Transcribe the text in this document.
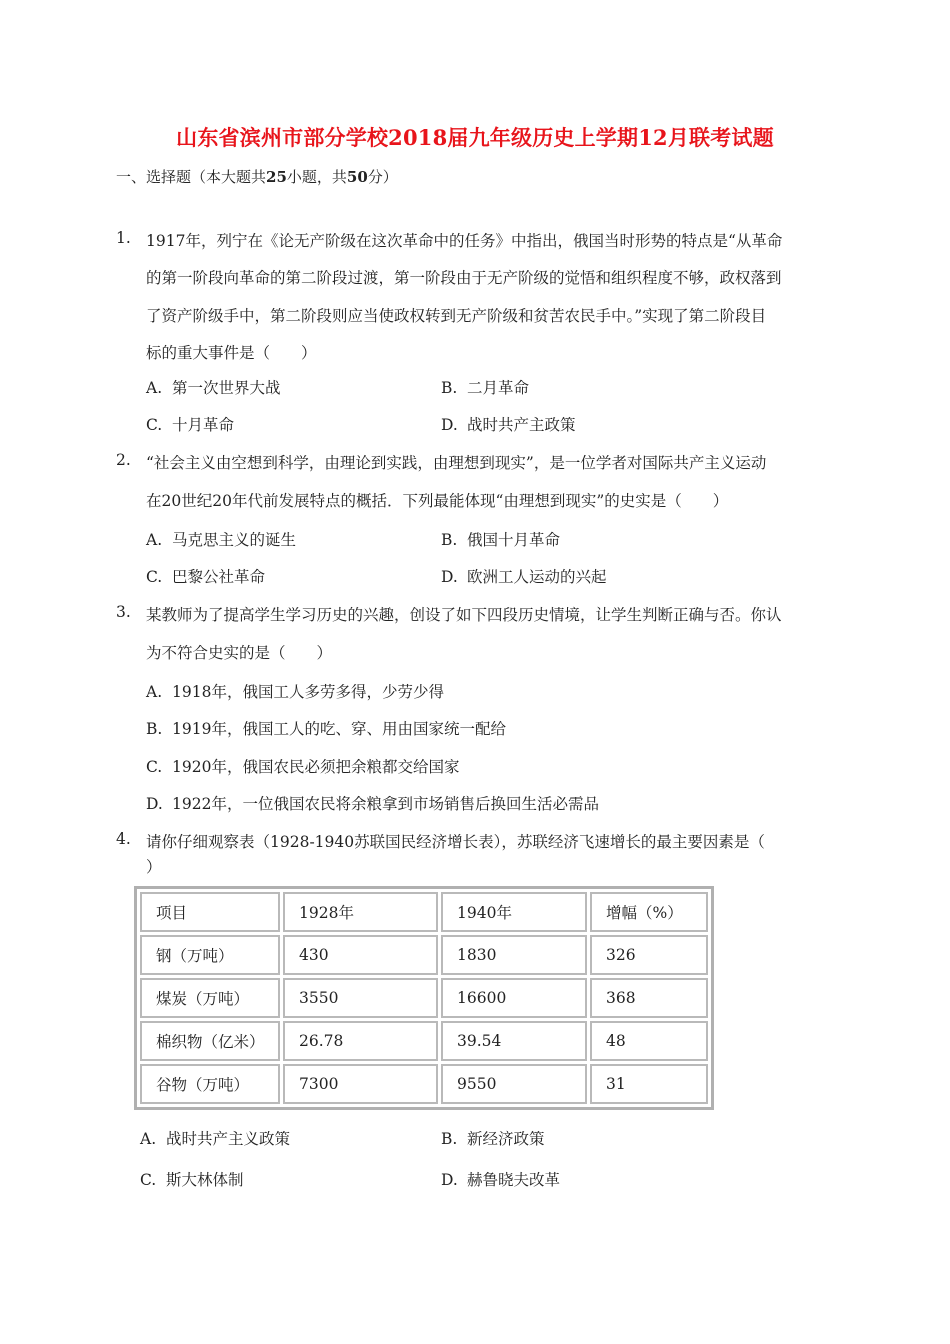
山东省滨州市部分学校2018届九年级历史上学期12月联考试题
一、选择题（本大题共25小题，共50分）
1. 1917年，列宁在《论无产阶级在这次革命中的任务》中指出，俄国当时形势的特点是“从革命
的第一阶段向革命的第二阶段过渡，第一阶段由于无产阶级的觉悟和组织程度不够，政权落到
了资产阶级手中，第二阶段则应当使政权转到无产阶级和贫苦农民手中。”实现了第二阶段目
标的重大事件是（　　）
A. 第一次世界大战	B. 二月革命
C. 十月革命	D. 战时共产主政策
2. “社会主义由空想到科学，由理论到实践，由理想到现实”，是一位学者对国际共产主义运动
在20世纪20年代前发展特点的概括．下列最能体现“由理想到现实”的史实是（　　）
A. 马克思主义的诞生	B. 俄国十月革命
C. 巴黎公社革命	D. 欧洲工人运动的兴起
3. 某教师为了提高学生学习历史的兴趣，创设了如下四段历史情境，让学生判断正确与否。你认
为不符合史实的是（　　）
A. 1918年，俄国工人多劳多得，少劳少得
B. 1919年，俄国工人的吃、穿、用由国家统一配给
C. 1920年，俄国农民必须把余粮都交给国家
D. 1922年，一位俄国农民将余粮拿到市场销售后换回生活必需品
4. 请你仔细观察表（1928-1940苏联国民经济增长表），苏联经济飞速增长的最主要因素是（
）
项目	1928年	1940年	增幅（%）
钢（万吨）	430	1830	326
煤炭（万吨）	3550	16600	368
棉织物（亿米）	26.78	39.54	48
谷物（万吨）	7300	9550	31
A. 战时共产主义政策	B. 新经济政策
C. 斯大林体制	D. 赫鲁晓夫改革
